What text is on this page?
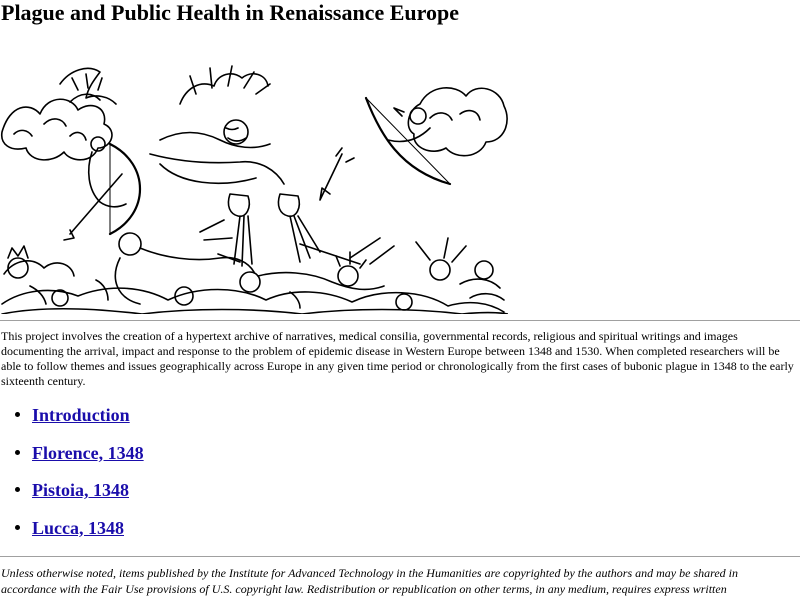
Plague and Public Health in Renaissance Europe

This project involves the creation of a hypertext archive of narratives, medical consilia, governmental records, religious and spiritual writings and images documenting the arrival, impact and response to the problem of epidemic disease in Western Europe between 1348 and 1530. When completed researchers will be able to follow themes and issues geographically across Europe in any given time period or chronologically from the first cases of bubonic plague in 1348 to the early sixteenth century.

Introduction
Florence, 1348
Pistoia, 1348
Lucca, 1348

Unless otherwise noted, items published by the Institute for Advanced Technology in the Humanities are copyrighted by the authors and may be shared in accordance with the Fair Use provisions of U.S. copyright law. Redistribution or republication on other terms, in any medium, requires express written
